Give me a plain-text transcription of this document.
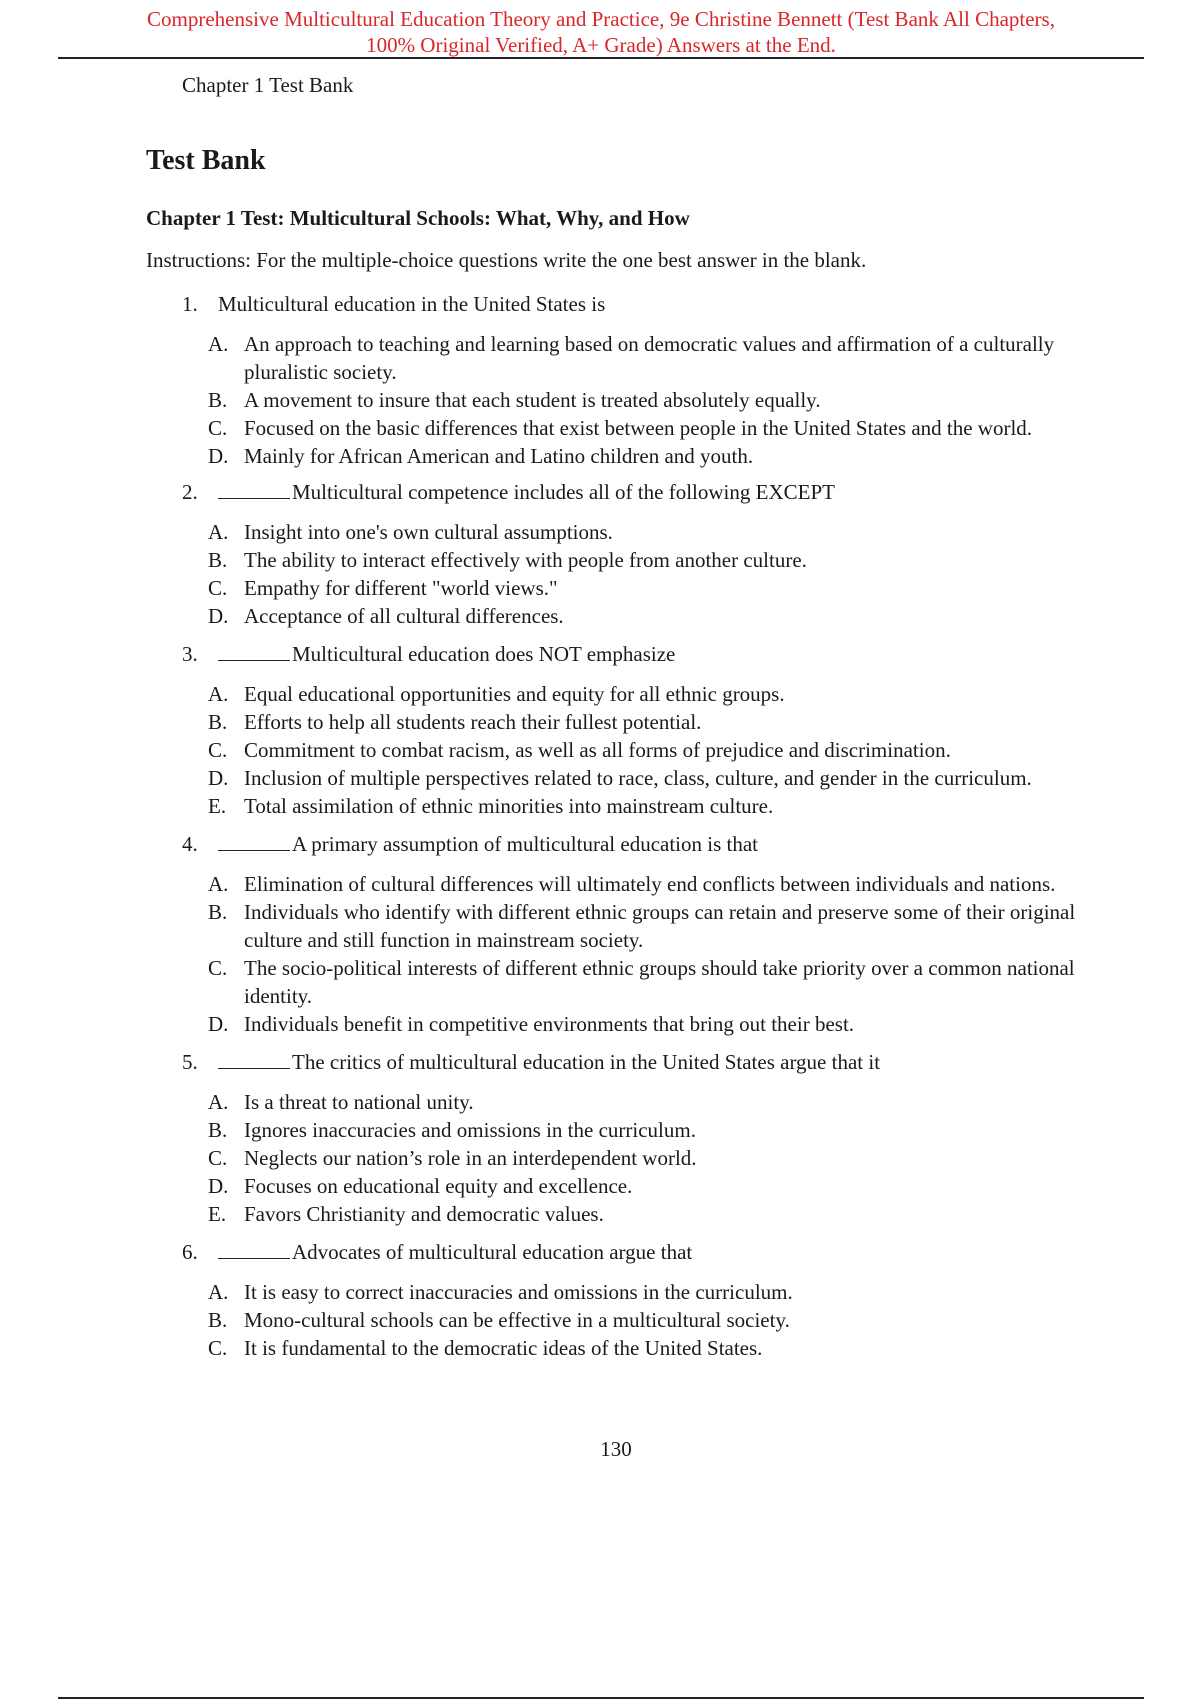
Comprehensive Multicultural Education Theory and Practice, 9e Christine Bennett (Test Bank All Chapters,
100% Original Verified, A+ Grade) Answers at the End.
Chapter 1 Test Bank
Test Bank
Chapter 1 Test: Multicultural Schools: What, Why, and How
Instructions: For the multiple-choice questions write the one best answer in the blank.
1. Multicultural education in the United States is
A. An approach to teaching and learning based on democratic values and affirmation of a culturally pluralistic society.
B. A movement to insure that each student is treated absolutely equally.
C. Focused on the basic differences that exist between people in the United States and the world.
D. Mainly for African American and Latino children and youth.
2.	Multicultural competence includes all of the following EXCEPT
A. Insight into one's own cultural assumptions.
B. The ability to interact effectively with people from another culture.
C. Empathy for different "world views."
D. Acceptance of all cultural differences.
3.	Multicultural education does NOT emphasize
A. Equal educational opportunities and equity for all ethnic groups.
B. Efforts to help all students reach their fullest potential.
C. Commitment to combat racism, as well as all forms of prejudice and discrimination.
D. Inclusion of multiple perspectives related to race, class, culture, and gender in the curriculum.
E. Total assimilation of ethnic minorities into mainstream culture.
4.	A primary assumption of multicultural education is that
A. Elimination of cultural differences will ultimately end conflicts between individuals and nations.
B. Individuals who identify with different ethnic groups can retain and preserve some of their original culture and still function in mainstream society.
C. The socio-political interests of different ethnic groups should take priority over a common national identity.
D. Individuals benefit in competitive environments that bring out their best.
5.	The critics of multicultural education in the United States argue that it
A. Is a threat to national unity.
B. Ignores inaccuracies and omissions in the curriculum.
C. Neglects our nation’s role in an interdependent world.
D. Focuses on educational equity and excellence.
E. Favors Christianity and democratic values.
6.	Advocates of multicultural education argue that
A. It is easy to correct inaccuracies and omissions in the curriculum.
B. Mono-cultural schools can be effective in a multicultural society.
C. It is fundamental to the democratic ideas of the United States.
130
